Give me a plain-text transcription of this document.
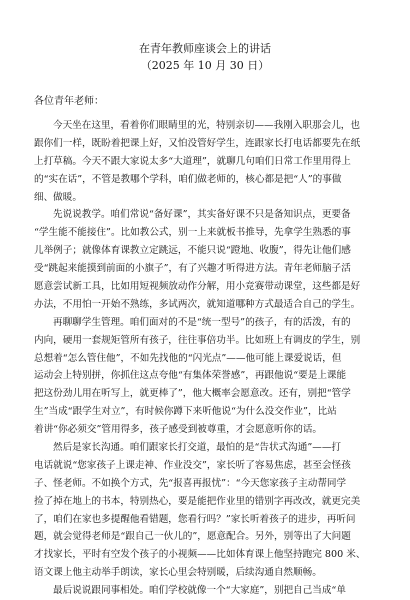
在青年教师座谈会上的讲话
（2025 年 10 月 30 日）
各位青年老师：
今天坐在这里，看着你们眼睛里的光，特别亲切——我刚入职那会儿，也
跟你们一样，既盼着把课上好，又怕没管好学生，连跟家长打电话都要先在纸
上打草稿。今天不跟大家说太多“大道理”，就聊几句咱们日常工作里用得上
的“实在话”，不管是教哪个学科，咱们做老师的，核心都是把“人”的事做
细、做暖。
先说说教学。咱们常说“备好课”，其实备好课不只是备知识点，更要备
“学生能不能接住”。比如教公式，别一上来就板书推导，先拿学生熟悉的事
儿举例子；就像体育课教立定跳远，不能只说“蹬地、收腹”，得先让他们感
受“跳起来能摸到前面的小旗子”，有了兴趣才听得进方法。青年老师脑子活
愿意尝试新工具，比如用短视频放动作分解，用小竞赛带动课堂，这些都是好
办法，不用怕一开始不熟练，多试两次，就知道哪种方式最适合自己的学生。
再聊聊学生管理。咱们面对的不是“统一型号”的孩子，有的活泼，有的
内向，硬用一套规矩管所有孩子，往往事倍功半。比如班上有调皮的学生，别
总想着“怎么管住他”，不如先找他的“闪光点”——他可能上课爱说话，但
运动会上特别拼，你抓住这点夸他“有集体荣誉感”，再跟他说“要是上课能
把这份劲儿用在听写上，就更棒了”，他大概率会愿意改。还有，别把“管学
生”当成“跟学生对立”，有时候你蹲下来听他说“为什么没交作业”，比站
着讲“你必须交”管用得多，孩子感受到被尊重，才会愿意听你的话。
然后是家长沟通。咱们跟家长打交道，最怕的是“告状式沟通”——打
电话就说“您家孩子上课走神、作业没交”，家长听了容易焦虑，甚至会怪孩
子、怪老师。不如换个方式，先“报喜再报忧”：“今天您家孩子主动帮同学
捡了掉在地上的书本，特别热心，要是能把作业里的错别字再改改，就更完美
了，咱们在家也多提醒他看错题，您看行吗？”家长听着孩子的进步，再听问
题，就会觉得老师是“跟自己一伙儿的”，愿意配合。另外，别等出了大问题
才找家长，平时有空发个孩子的小视频——比如体育课上他坚持跑完 800 米、
语文课上他主动举手朗读，家长心里会特别暖，后续沟通自然顺畅。
最后说说跟同事相处。咱们学校就像一个“大家庭”，别把自己当成“单
